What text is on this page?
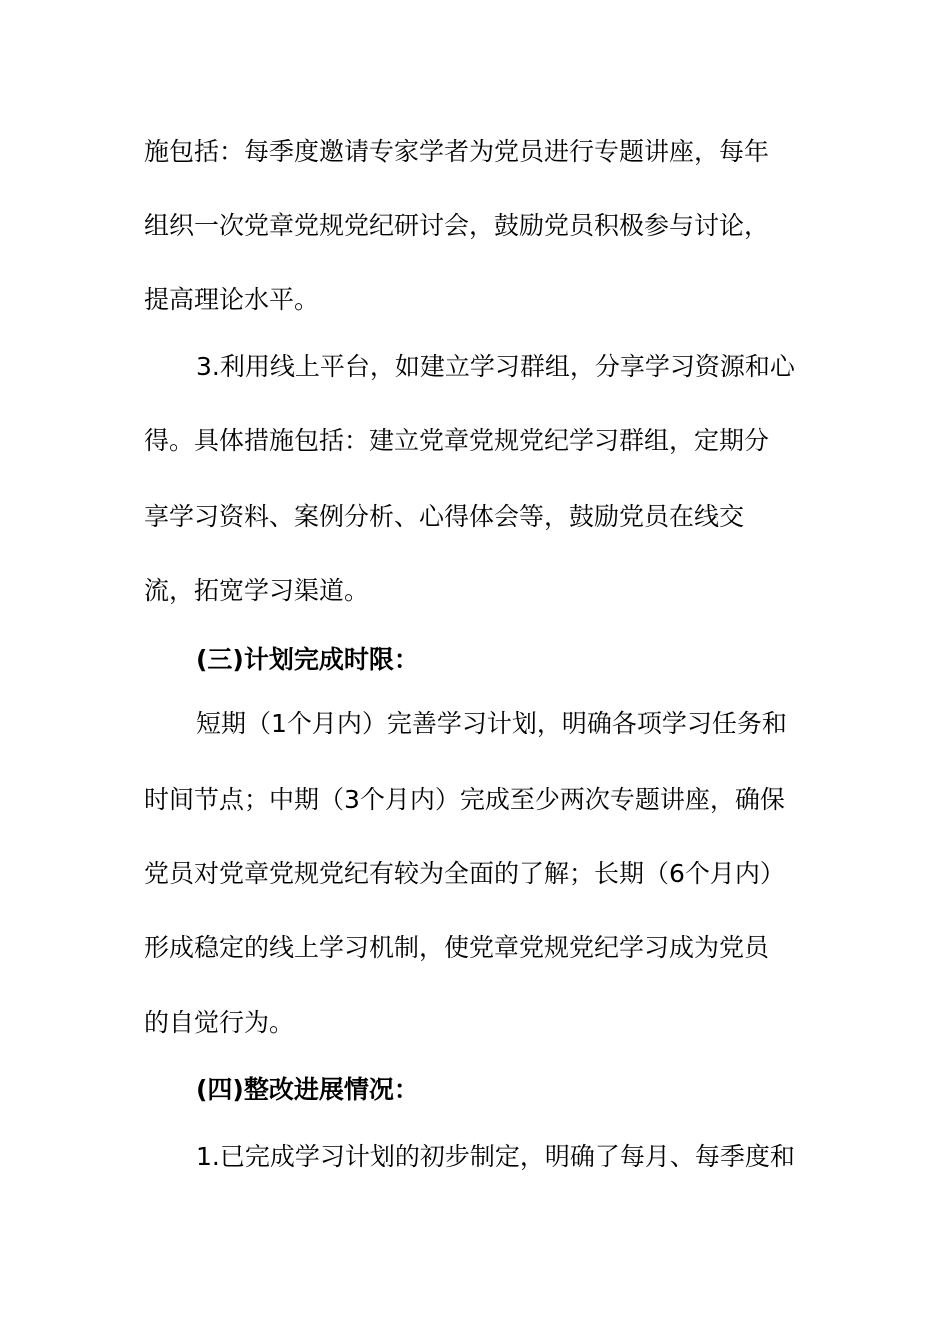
施包括：每季度邀请专家学者为党员进行专题讲座，每年
组织一次党章党规党纪研讨会，鼓励党员积极参与讨论，
提高理论水平。
3.利用线上平台，如建立学习群组，分享学习资源和心
得。具体措施包括：建立党章党规党纪学习群组，定期分
享学习资料、案例分析、心得体会等，鼓励党员在线交
流，拓宽学习渠道。
(三)计划完成时限：
短期（1个月内）完善学习计划，明确各项学习任务和
时间节点；中期（3个月内）完成至少两次专题讲座，确保
党员对党章党规党纪有较为全面的了解；长期（6个月内）
形成稳定的线上学习机制，使党章党规党纪学习成为党员
的自觉行为。
(四)整改进展情况：
1.已完成学习计划的初步制定，明确了每月、每季度和
